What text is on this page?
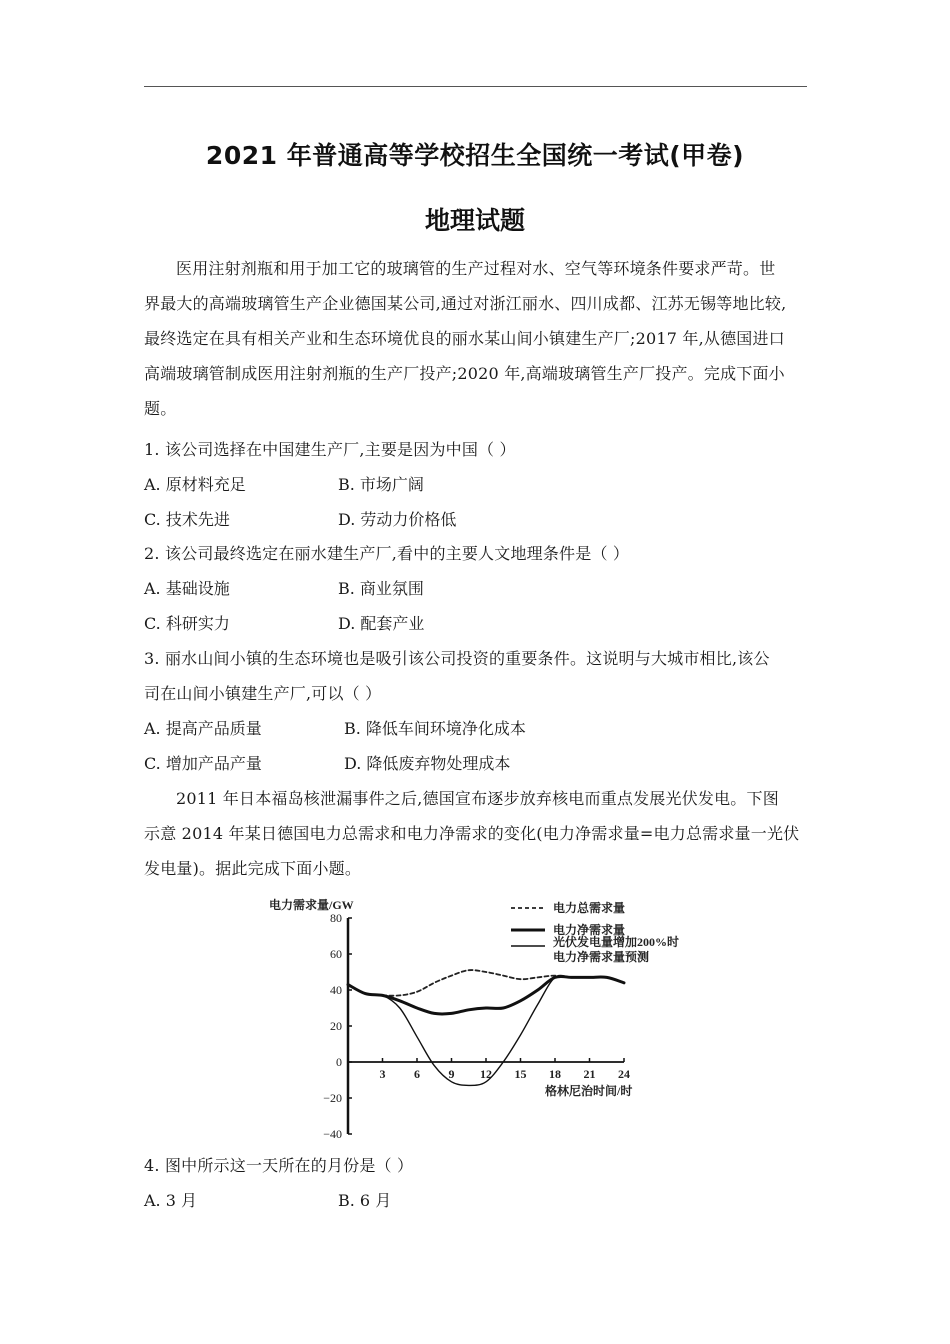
2021 年普通高等学校招生全国统一考试(甲卷)
地理试题
医用注射剂瓶和用于加工它的玻璃管的生产过程对水、空气等环境条件要求严苛。世
界最大的高端玻璃管生产企业德国某公司,通过对浙江丽水、四川成都、江苏无锡等地比较,
最终选定在具有相关产业和生态环境优良的丽水某山间小镇建生产厂;2017 年,从德国进口
高端玻璃管制成医用注射剂瓶的生产厂投产;2020 年,高端玻璃管生产厂投产。完成下面小
题。
1. 该公司选择在中国建生产厂,主要是因为中国（ ）
A. 原材料充足	B. 市场广阔
C. 技术先进	D. 劳动力价格低
2. 该公司最终选定在丽水建生产厂,看中的主要人文地理条件是（ ）
A. 基础设施	B. 商业氛围
C. 科研实力	D. 配套产业
3. 丽水山间小镇的生态环境也是吸引该公司投资的重要条件。这说明与大城市相比,该公
司在山间小镇建生产厂,可以（ ）
A. 提高产品质量	B. 降低车间环境净化成本
C. 增加产品产量	D. 降低废弃物处理成本
2011 年日本福岛核泄漏事件之后,德国宣布逐步放弃核电而重点发展光伏发电。下图
示意 2014 年某日德国电力总需求和电力净需求的变化(电力净需求量=电力总需求量一光伏
发电量)。据此完成下面小题。
电力需求量/GW
80
60
40
20
0
−20
−40
3 6 9 12 15 18 21 24
格林尼治时间/时
电力总需求量
电力净需求量
光伏发电量增加200%时
电力净需求量预测
4. 图中所示这一天所在的月份是（ ）
A. 3 月	B. 6 月
